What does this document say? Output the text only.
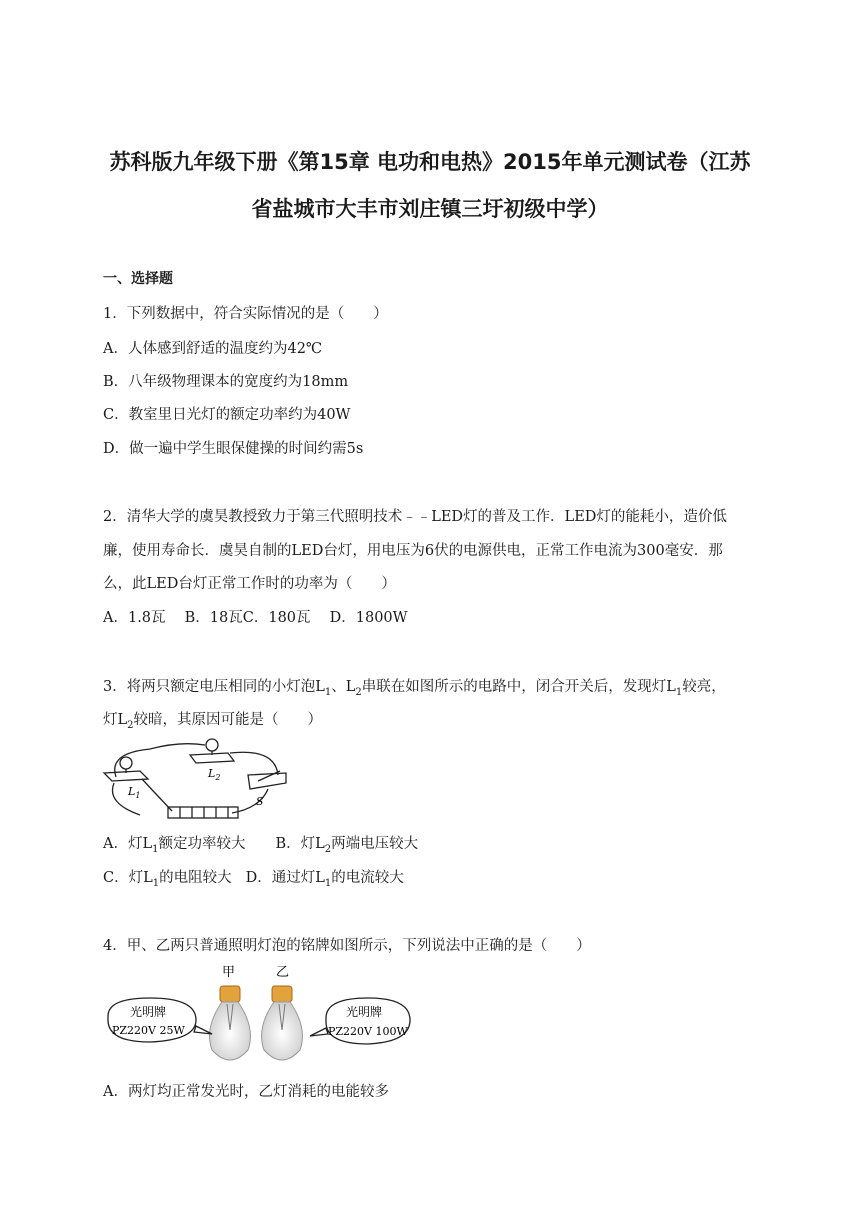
苏科版九年级下册《第15章 电功和电热》2015年单元测试卷（江苏
省盐城市大丰市刘庄镇三圩初级中学）
一、选择题
1．下列数据中，符合实际情况的是（　　）
A．人体感到舒适的温度约为42℃
B．八年级物理课本的宽度约为18mm
C．教室里日光灯的额定功率约为40W
D．做一遍中学生眼保健操的时间约需5s
2．清华大学的虞昊教授致力于第三代照明技术﹣﹣LED灯的普及工作．LED灯的能耗小，造价低
廉，使用寿命长．虞昊自制的LED台灯，用电压为6伏的电源供电，正常工作电流为300毫安．那
么，此LED台灯正常工作时的功率为（　　）
A．1.8瓦　 B．18瓦C．180瓦　 D．1800W
3．将两只额定电压相同的小灯泡$L_1$、$L_2$串联在如图所示的电路中，闭合开关后，发现灯$L_1$较亮，
灯$L_2$较暗，其原因可能是（　　）
$L_1$
$L_2$
S
A．灯$L_1$额定功率较大 B．灯$L_2$两端电压较大
C．灯$L_1$的电阻较大 D．通过灯$L_1$的电流较大
4．甲、乙两只普通照明灯泡的铭牌如图所示，下列说法中正确的是（　　）
甲	乙
光明牌
PZ220V 25W
光明牌
PZ220V 100W
A．两灯均正常发光时，乙灯消耗的电能较多
